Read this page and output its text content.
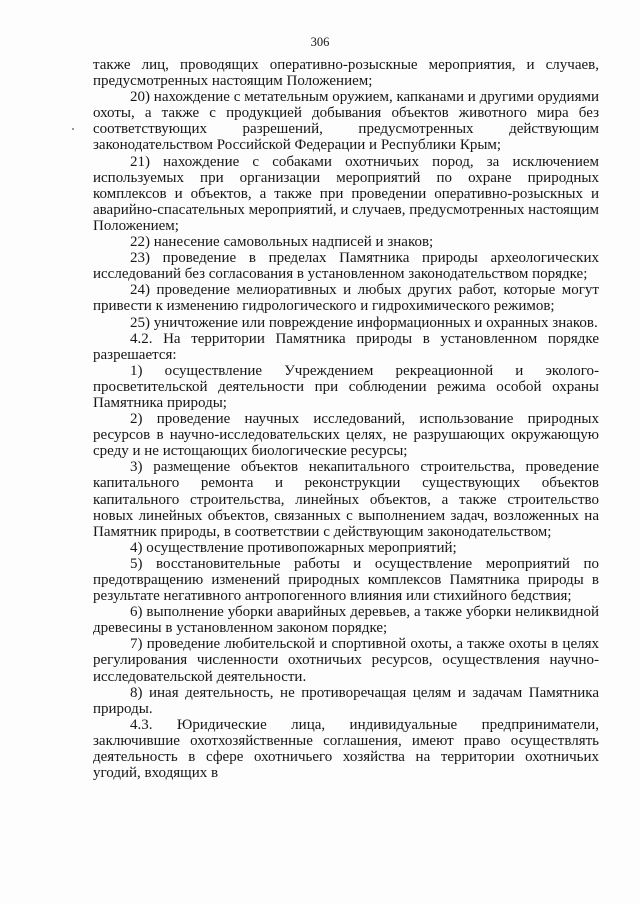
306

также лиц, проводящих оперативно-розыскные мероприятия, и случаев, предусмотренных настоящим Положением;

20) нахождение с метательным оружием, капканами и другими орудиями охоты, а также с продукцией добывания объектов животного мира без соответствующих разрешений, предусмотренных действующим законодательством Российской Федерации и Республики Крым;

21) нахождение с собаками охотничьих пород, за исключением используемых при организации мероприятий по охране природных комплексов и объектов, а также при проведении оперативно-розыскных и аварийно-спасательных мероприятий, и случаев, предусмотренных настоящим Положением;

22) нанесение самовольных надписей и знаков;

23) проведение в пределах Памятника природы археологических исследований без согласования в установленном законодательством порядке;

24) проведение мелиоративных и любых других работ, которые могут привести к изменению гидрологического и гидрохимического режимов;

25) уничтожение или повреждение информационных и охранных знаков.

4.2. На территории Памятника природы в установленном порядке разрешается:

1) осуществление Учреждением рекреационной и эколого-просветительской деятельности при соблюдении режима особой охраны Памятника природы;

2) проведение научных исследований, использование природных ресурсов в научно-исследовательских целях, не разрушающих окружающую среду и не истощающих биологические ресурсы;

3) размещение объектов некапитального строительства, проведение капитального ремонта и реконструкции существующих объектов капитального строительства, линейных объектов, а также строительство новых линейных объектов, связанных с выполнением задач, возложенных на Памятник природы, в соответствии с действующим законодательством;

4) осуществление противопожарных мероприятий;

5) восстановительные работы и осуществление мероприятий по предотвращению изменений природных комплексов Памятника природы в результате негативного антропогенного влияния или стихийного бедствия;

6) выполнение уборки аварийных деревьев, а также уборки неликвидной древесины в установленном законом порядке;

7) проведение любительской и спортивной охоты, а также охоты в целях регулирования численности охотничьих ресурсов, осуществления научно-исследовательской деятельности.

8) иная деятельность, не противоречащая целям и задачам Памятника природы.

4.3. Юридические лица, индивидуальные предприниматели, заключившие охотхозяйственные соглашения, имеют право осуществлять деятельность в сфере охотничьего хозяйства на территории охотничьих угодий, входящих в
